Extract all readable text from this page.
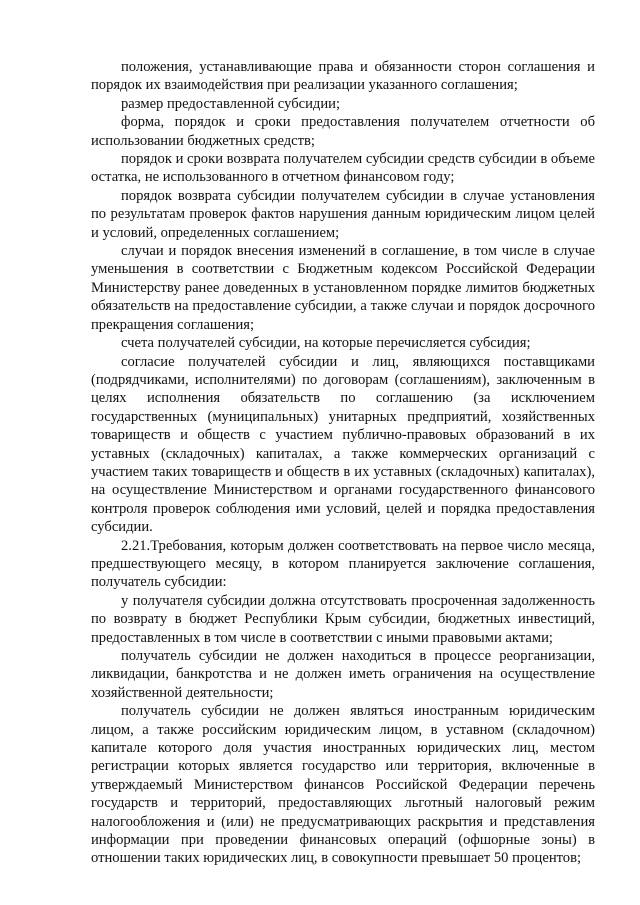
положения, устанавливающие права и обязанности сторон соглашения и порядок их взаимодействия при реализации указанного соглашения;

размер предоставленной субсидии;

форма, порядок и сроки предоставления получателем отчетности об использовании бюджетных средств;

порядок и сроки возврата получателем субсидии средств субсидии в объеме остатка, не использованного в отчетном финансовом году;

порядок возврата субсидии получателем субсидии в случае установления по результатам проверок фактов нарушения данным юридическим лицом целей и условий, определенных соглашением;

случаи и порядок внесения изменений в соглашение, в том числе в случае уменьшения в соответствии с Бюджетным кодексом Российской Федерации Министерству ранее доведенных в установленном порядке лимитов бюджетных обязательств на предоставление субсидии, а также случаи и порядок досрочного прекращения соглашения;

счета получателей субсидии, на которые перечисляется субсидия;

согласие получателей субсидии и лиц, являющихся поставщиками (подрядчиками, исполнителями) по договорам (соглашениям), заключенным в целях исполнения обязательств по соглашению (за исключением государственных (муниципальных) унитарных предприятий, хозяйственных товариществ и обществ с участием публично-правовых образований в их уставных (складочных) капиталах, а также коммерческих организаций с участием таких товариществ и обществ в их уставных (складочных) капиталах), на осуществление Министерством и органами государственного финансового контроля проверок соблюдения ими условий, целей и порядка предоставления субсидии.

2.21.Требования, которым должен соответствовать на первое число месяца, предшествующего месяцу, в котором планируется заключение соглашения, получатель субсидии:

у получателя субсидии должна отсутствовать просроченная задолженность по возврату в бюджет Республики Крым субсидии, бюджетных инвестиций, предоставленных в том числе в соответствии с иными правовыми актами;

получатель субсидии не должен находиться в процессе реорганизации, ликвидации, банкротства и не должен иметь ограничения на осуществление хозяйственной деятельности;

получатель субсидии не должен являться иностранным юридическим лицом, а также российским юридическим лицом, в уставном (складочном) капитале которого доля участия иностранных юридических лиц, местом регистрации которых является государство или территория, включенные в утверждаемый Министерством финансов Российской Федерации перечень государств и территорий, предоставляющих льготный налоговый режим налогообложения и (или) не предусматривающих раскрытия и представления информации при проведении финансовых операций (офшорные зоны) в отношении таких юридических лиц, в совокупности превышает 50 процентов;
